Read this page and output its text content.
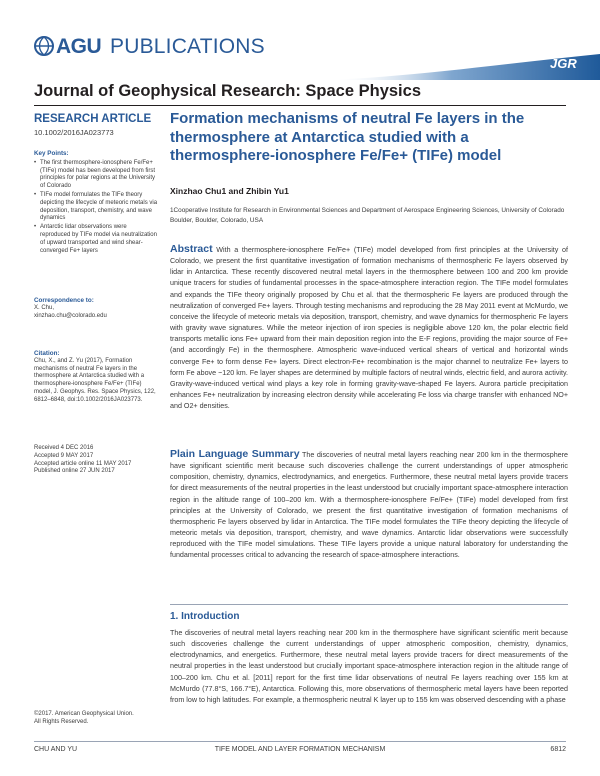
AGU PUBLICATIONS
JGR
Journal of Geophysical Research: Space Physics
RESEARCH ARTICLE
10.1002/2016JA023773
Key Points:
• The first thermosphere-ionosphere Fe/Fe+ (TIFe) model has been developed from first principles for polar regions at the University of Colorado
• TIFe model formulates the TIFe theory depicting the lifecycle of meteoric metals via deposition, transport, chemistry, and wave dynamics
• Antarctic lidar observations were reproduced by TIFe model via neutralization of upward transported and wind shear-converged Fe+ layers
Correspondence to:
X. Chu,
xinzhao.chu@colorado.edu
Citation:
Chu, X., and Z. Yu (2017), Formation mechanisms of neutral Fe layers in the thermosphere at Antarctica studied with a thermosphere-ionosphere Fe/Fe+ (TIFe) model, J. Geophys. Res. Space Physics, 122, 6812–6848, doi:10.1002/2016JA023773.
Received 4 DEC 2016
Accepted 9 MAY 2017
Accepted article online 11 MAY 2017
Published online 27 JUN 2017
©2017. American Geophysical Union.
All Rights Reserved.
Formation mechanisms of neutral Fe layers in the thermosphere at Antarctica studied with a thermosphere-ionosphere Fe/Fe+ (TIFe) model
Xinzhao Chu1 and Zhibin Yu1
1Cooperative Institute for Research in Environmental Sciences and Department of Aerospace Engineering Sciences, University of Colorado Boulder, Boulder, Colorado, USA
Abstract With a thermosphere-ionosphere Fe/Fe+ (TIFe) model developed from first principles at the University of Colorado, we present the first quantitative investigation of formation mechanisms of thermospheric Fe layers observed by lidar in Antarctica. These recently discovered neutral metal layers in the thermosphere between 100 and 200 km provide unique tracers for studies of fundamental processes in the space-atmosphere interaction region. The TIFe model formulates and expands the TIFe theory originally proposed by Chu et al. that the thermospheric Fe layers are produced through the neutralization of converged Fe+ layers. Through testing mechanisms and reproducing the 28 May 2011 event at McMurdo, we conceive the lifecycle of meteoric metals via deposition, transport, chemistry, and wave dynamics for thermospheric Fe layers with gravity wave signatures. While the meteor injection of iron species is negligible above 120 km, the polar electric field transports metallic ions Fe+ upward from their main deposition region into the E-F regions, providing the major source of Fe+ (and accordingly Fe) in the thermosphere. Atmospheric wave-induced vertical shears of vertical and horizontal winds converge Fe+ to form dense Fe+ layers. Direct electron-Fe+ recombination is the major channel to neutralize Fe+ layers to form Fe above ~120 km. Fe layer shapes are determined by multiple factors of neutral winds, electric field, and aurora activity. Gravity-wave-induced vertical wind plays a key role in forming gravity-wave-shaped Fe layers. Aurora particle precipitation enhances Fe+ neutralization by increasing electron density while accelerating Fe loss via charge transfer with enhanced NO+ and O2+ densities.
Plain Language Summary The discoveries of neutral metal layers reaching near 200 km in the thermosphere have significant scientific merit because such discoveries challenge the current understandings of upper atmospheric composition, chemistry, dynamics, electrodynamics, and energetics. Furthermore, these neutral metal layers provide tracers for direct measurements of the neutral properties in the least understood but crucially important space-atmosphere interaction region in the altitude range of 100–200 km. With a thermosphere-ionosphere Fe/Fe+ (TIFe) model developed from first principles at the University of Colorado, we present the first quantitative investigation of formation mechanisms of thermospheric Fe layers observed by lidar in Antarctica. The TIFe model formulates the TIFe theory depicting the lifecycle of meteoric metals via deposition, transport, chemistry, and wave dynamics. Antarctic lidar observations were successfully reproduced with the TIFe model simulations. These TIFe layers provide a unique natural laboratory for understanding the fundamental processes critical to advancing the research of space-atmosphere interactions.
1. Introduction
The discoveries of neutral metal layers reaching near 200 km in the thermosphere have significant scientific merit because such discoveries challenge the current understandings of upper atmospheric composition, chemistry, dynamics, electrodynamics, and energetics. Furthermore, these neutral metal layers provide tracers for direct measurements of the neutral properties in the least understood but crucially important space-atmosphere interaction region in the altitude range of 100–200 km. Chu et al. [2011] report for the first time lidar observations of neutral Fe layers reaching over 155 km at McMurdo (77.8°S, 166.7°E), Antarctica. Following this, more observations of thermospheric metal layers have been reported from low to high latitudes. For example, a thermospheric neutral K layer up to 155 km was observed descending with a phase
CHU AND YU	TIFE MODEL AND LAYER FORMATION MECHANISM	6812
